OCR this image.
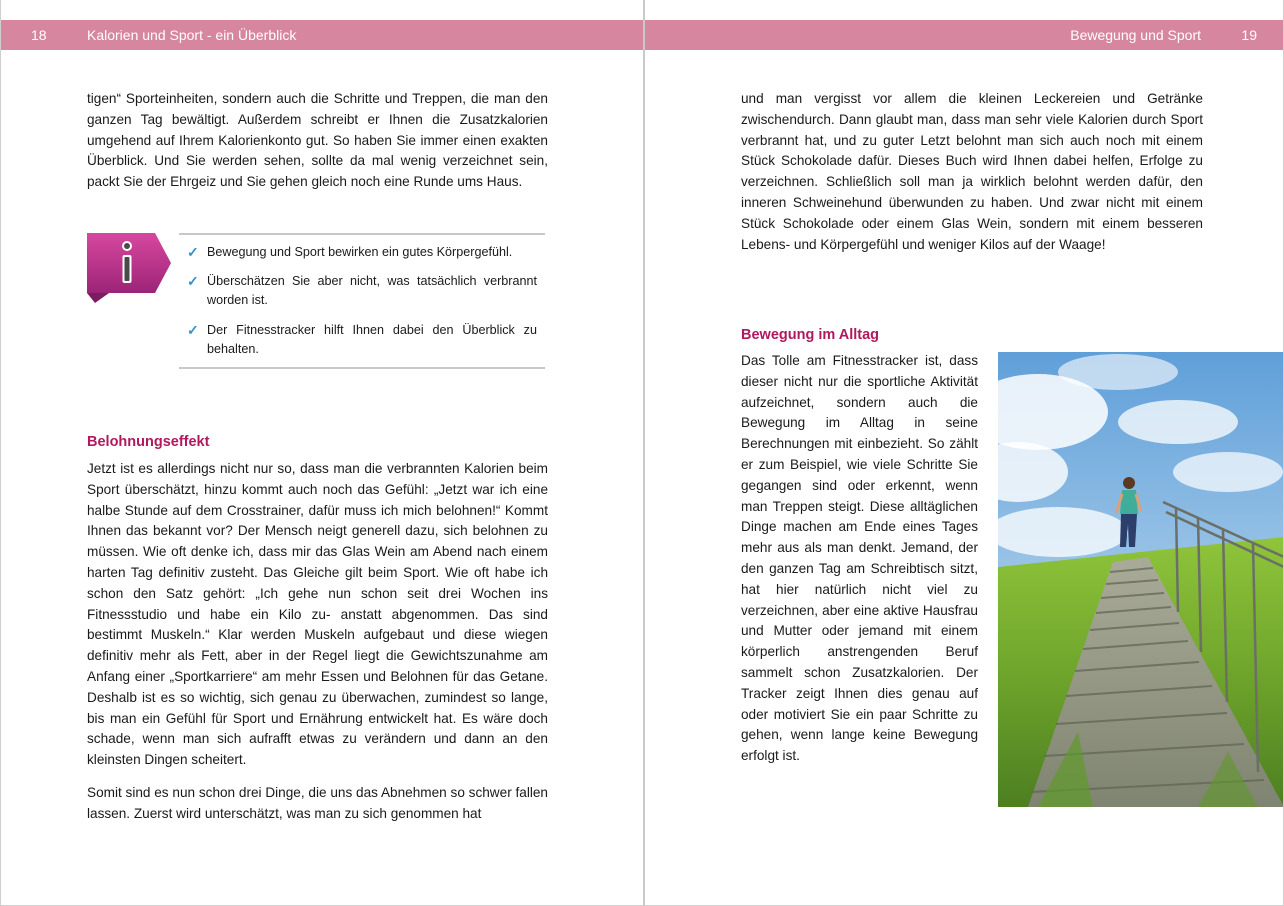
18	Kalorien und Sport - ein Überblick

tigen“ Sporteinheiten, sondern auch die Schritte und Treppen, die man den ganzen Tag bewältigt. Außerdem schreibt er Ihnen die Zusatzkalorien umgehend auf Ihrem Kalorienkonto gut. So haben Sie immer einen exakten Überblick. Und Sie werden sehen, sollte da mal wenig verzeichnet sein, packt Sie der Ehrgeiz und Sie gehen gleich noch eine Runde ums Haus.

✓ Bewegung und Sport bewirken ein gutes Körpergefühl.
✓ Überschätzen Sie aber nicht, was tatsächlich verbrannt worden ist.
✓ Der Fitnesstracker hilft Ihnen dabei den Überblick zu behalten.
Belohnungseffekt

Jetzt ist es allerdings nicht nur so, dass man die verbrannten Kalorien beim Sport überschätzt, hinzu kommt auch noch das Gefühl: „Jetzt war ich eine halbe Stunde auf dem Crosstrainer, dafür muss ich mich belohnen!“ Kommt Ihnen das bekannt vor? Der Mensch neigt generell dazu, sich belohnen zu müssen. Wie oft denke ich, dass mir das Glas Wein am Abend nach einem harten Tag definitiv zusteht. Das Gleiche gilt beim Sport. Wie oft habe ich schon den Satz gehört: „Ich gehe nun schon seit drei Wochen ins Fitnessstudio und habe ein Kilo zu- anstatt abgenommen. Das sind bestimmt Muskeln.“ Klar werden Muskeln aufgebaut und diese wiegen definitiv mehr als Fett, aber in der Regel liegt die Gewichtszunahme am Anfang einer „Sportkarriere“ am mehr Essen und Belohnen für das Getane. Deshalb ist es so wichtig, sich genau zu überwachen, zumindest so lange, bis man ein Gefühl für Sport und Ernährung entwickelt hat. Es wäre doch schade, wenn man sich aufrafft etwas zu verändern und dann an den kleinsten Dingen scheitert.

Somit sind es nun schon drei Dinge, die uns das Abnehmen so schwer fallen lassen. Zuerst wird unterschätzt, was man zu sich genommen hat

Bewegung und Sport	19

und man vergisst vor allem die kleinen Leckereien und Getränke zwischendurch. Dann glaubt man, dass man sehr viele Kalorien durch Sport verbrannt hat, und zu guter Letzt belohnt man sich auch noch mit einem Stück Schokolade dafür. Dieses Buch wird Ihnen dabei helfen, Erfolge zu verzeichnen. Schließlich soll man ja wirklich belohnt werden dafür, den inneren Schweinehund überwunden zu haben. Und zwar nicht mit einem Stück Schokolade oder einem Glas Wein, sondern mit einem besseren Lebens- und Körpergefühl und weniger Kilos auf der Waage!

Bewegung im Alltag

Das Tolle am Fitnesstracker ist, dass dieser nicht nur die sportliche Aktivität aufzeichnet, sondern auch die Bewegung im Alltag in seine Berechnungen mit einbezieht. So zählt er zum Beispiel, wie viele Schritte Sie gegangen sind oder erkennt, wenn man Treppen steigt. Diese alltäglichen Dinge machen am Ende eines Tages mehr aus als man denkt. Jemand, der den ganzen Tag am Schreibtisch sitzt, hat hier natürlich nicht viel zu verzeichnen, aber eine aktive Hausfrau und Mutter oder jemand mit einem körperlich anstrengenden Beruf sammelt schon Zusatzkalorien. Der Tracker zeigt Ihnen dies genau auf oder motiviert Sie ein paar Schritte zu gehen, wenn lange keine Bewegung erfolgt ist.
